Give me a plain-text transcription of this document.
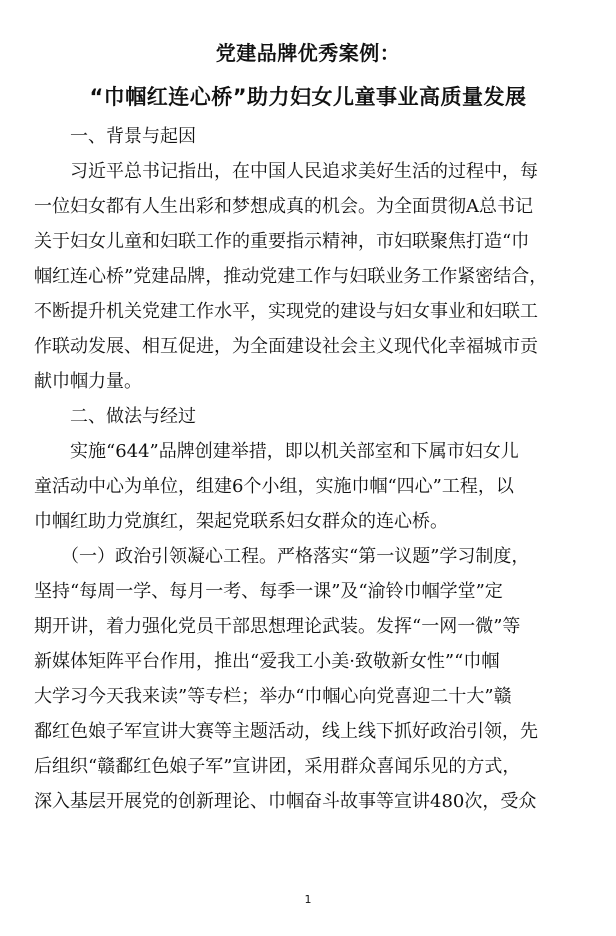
党建品牌优秀案例：
“巾帼红连心桥”助力妇女儿童事业高质量发展
　　一、背景与起因
　　习近平总书记指出，在中国人民追求美好生活的过程中，每
一位妇女都有人生出彩和梦想成真的机会。为全面贯彻A总书记
关于妇女儿童和妇联工作的重要指示精神，市妇联聚焦打造“巾
帼红连心桥”党建品牌，推动党建工作与妇联业务工作紧密结合，
不断提升机关党建工作水平，实现党的建设与妇女事业和妇联工
作联动发展、相互促进，为全面建设社会主义现代化幸福城市贡
献巾帼力量。
　　二、做法与经过
　　实施“644”品牌创建举措，即以机关部室和下属市妇女儿
童活动中心为单位，组建6个小组，实施巾帼“四心”工程，以
巾帼红助力党旗红，架起党联系妇女群众的连心桥。
　　（一）政治引领凝心工程。严格落实“第一议题”学习制度，
坚持“每周一学、每月一考、每季一课”及“渝铃巾帼学堂”定
期开讲，着力强化党员干部思想理论武装。发挥“一网一微”等
新媒体矩阵平台作用，推出“爱我工小美·致敬新女性”“巾帼
大学习今天我来读”等专栏；举办“巾帼心向党喜迎二十大”赣
鄱红色娘子军宣讲大赛等主题活动，线上线下抓好政治引领，先
后组织“赣鄱红色娘子军”宣讲团，采用群众喜闻乐见的方式，
深入基层开展党的创新理论、巾帼奋斗故事等宣讲480次，受众
1
